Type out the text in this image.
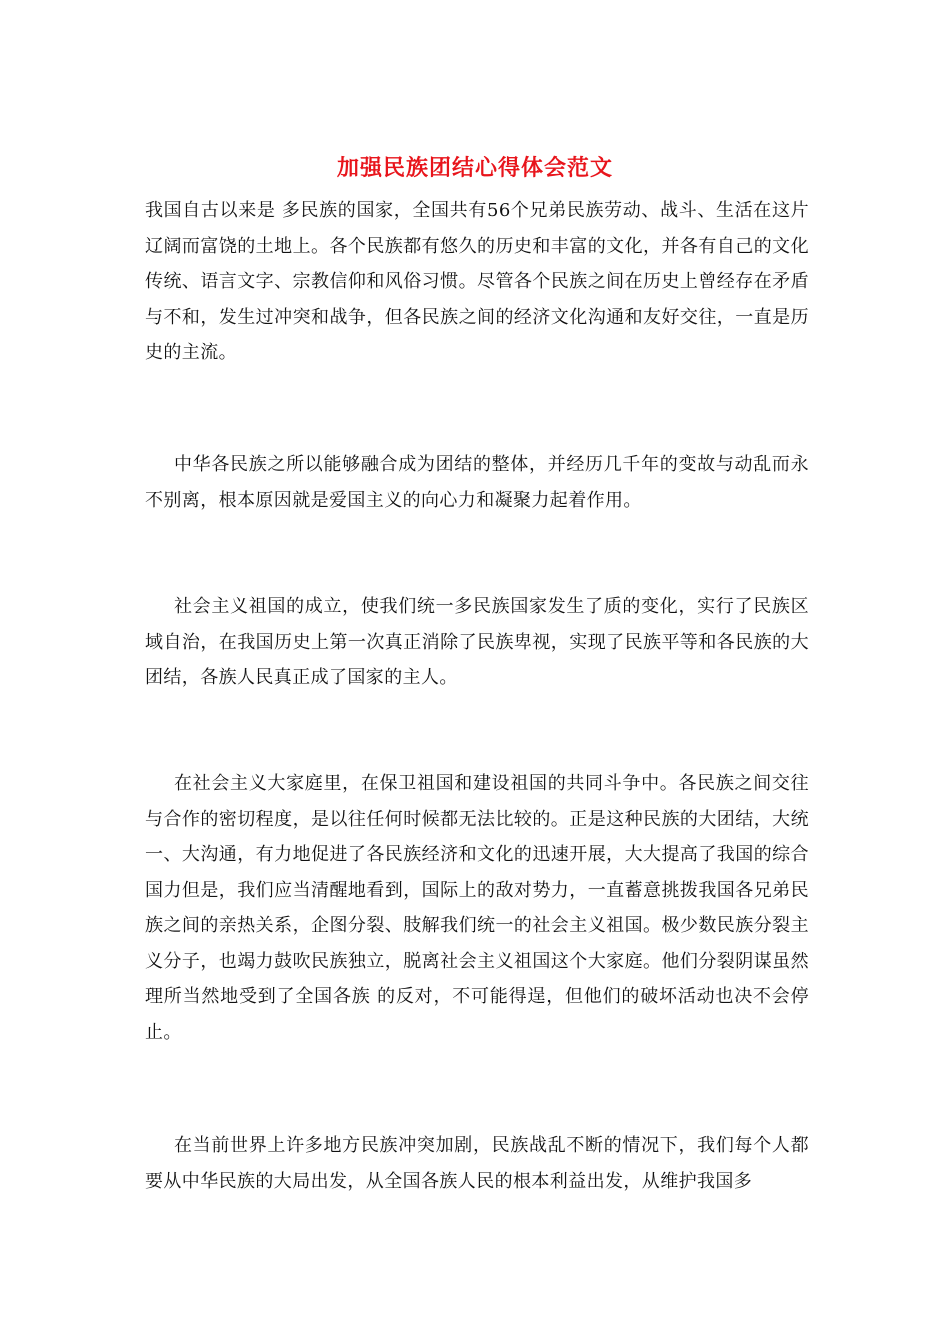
加强民族团结心得体会范文

我国自古以来是 多民族的国家，全国共有56个兄弟民族劳动、战斗、生活在这片辽阔而富饶的土地上。各个民族都有悠久的历史和丰富的文化，并各有自己的文化传统、语言文字、宗教信仰和风俗习惯。尽管各个民族之间在历史上曾经存在矛盾与不和，发生过冲突和战争，但各民族之间的经济文化沟通和友好交往，一直是历史的主流。

中华各民族之所以能够融合成为团结的整体，并经历几千年的变故与动乱而永不别离，根本原因就是爱国主义的向心力和凝聚力起着作用。

社会主义祖国的成立，使我们统一多民族国家发生了质的变化，实行了民族区域自治，在我国历史上第一次真正消除了民族卑视，实现了民族平等和各民族的大团结，各族人民真正成了国家的主人。

在社会主义大家庭里，在保卫祖国和建设祖国的共同斗争中。各民族之间交往与合作的密切程度，是以往任何时候都无法比较的。正是这种民族的大团结，大统一、大沟通，有力地促进了各民族经济和文化的迅速开展，大大提高了我国的综合国力但是，我们应当清醒地看到，国际上的敌对势力，一直蓄意挑拨我国各兄弟民族之间的亲热关系，企图分裂、肢解我们统一的社会主义祖国。极少数民族分裂主义分子，也竭力鼓吹民族独立，脱离社会主义祖国这个大家庭。他们分裂阴谋虽然理所当然地受到了全国各族 的反对，不可能得逞，但他们的破坏活动也决不会停止。

在当前世界上许多地方民族冲突加剧，民族战乱不断的情况下，我们每个人都要从中华民族的大局出发，从全国各族人民的根本利益出发，从维护我国多
